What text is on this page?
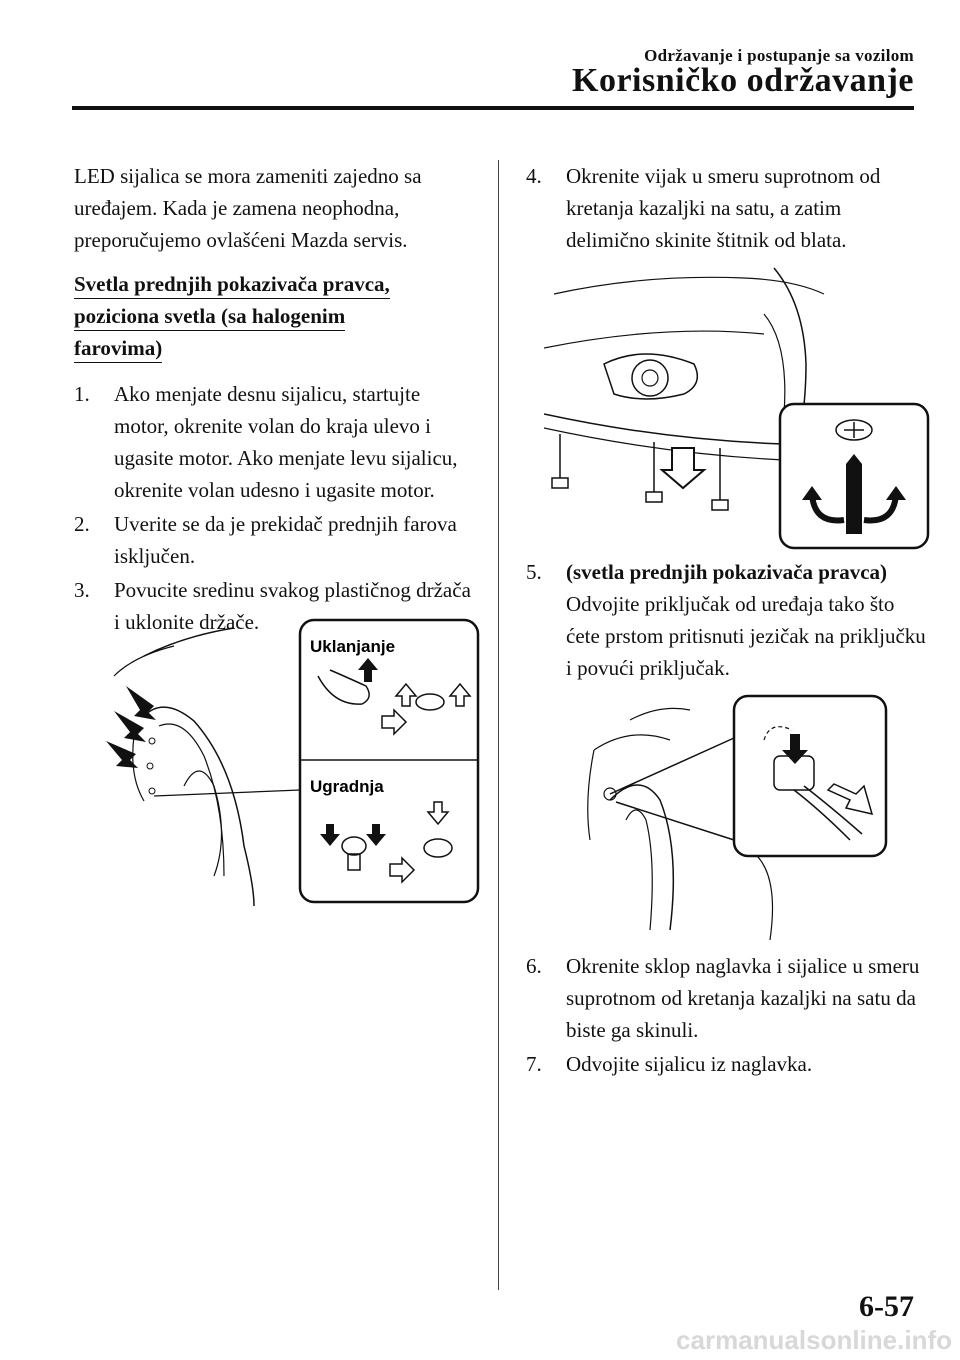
Održavanje i postupanje sa vozilom
Korisničko održavanje

LED sijalica se mora zameniti zajedno sa uređajem. Kada je zamena neophodna, preporučujemo ovlašćeni Mazda servis.

Svetla prednjih pokazivača pravca,
poziciona svetla (sa halogenim
farovima)
1.	Ako menjate desnu sijalicu, startujte motor, okrenite volan do kraja ulevo i ugasite motor. Ako menjate levu sijalicu, okrenite volan udesno i ugasite motor.
2.	Uverite se da je prekidač prednjih farova isključen.
3.	Povucite sredinu svakog plastičnog držača i uklonite držače.
Uklanjanje
Ugradnja
4.	Okrenite vijak u smeru suprotnom od kretanja kazaljki na satu, a zatim delimično skinite štitnik od blata.
5.	(svetla prednjih pokazivača pravca)
Odvojite priključak od uređaja tako što ćete prstom pritisnuti jezičak na priključku i povući priključak.
6.	Okrenite sklop naglavka i sijalice u smeru suprotnom od kretanja kazaljki na satu da biste ga skinuli.
7.	Odvojite sijalicu iz naglavka.
6-57
carmanualsonline.info
